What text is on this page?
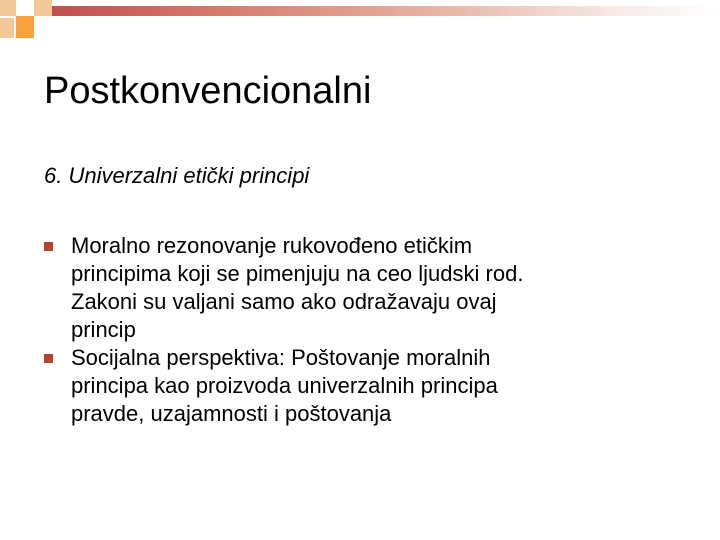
Postkonvencionalni
6. Univerzalni etički principi
Moralno rezonovanje rukovođeno etičkim
principima koji se pimenjuju na ceo ljudski rod.
Zakoni su valjani samo ako odražavaju ovaj
princip
Socijalna perspektiva: Poštovanje moralnih
principa kao proizvoda univerzalnih principa
pravde, uzajamnosti i poštovanja
